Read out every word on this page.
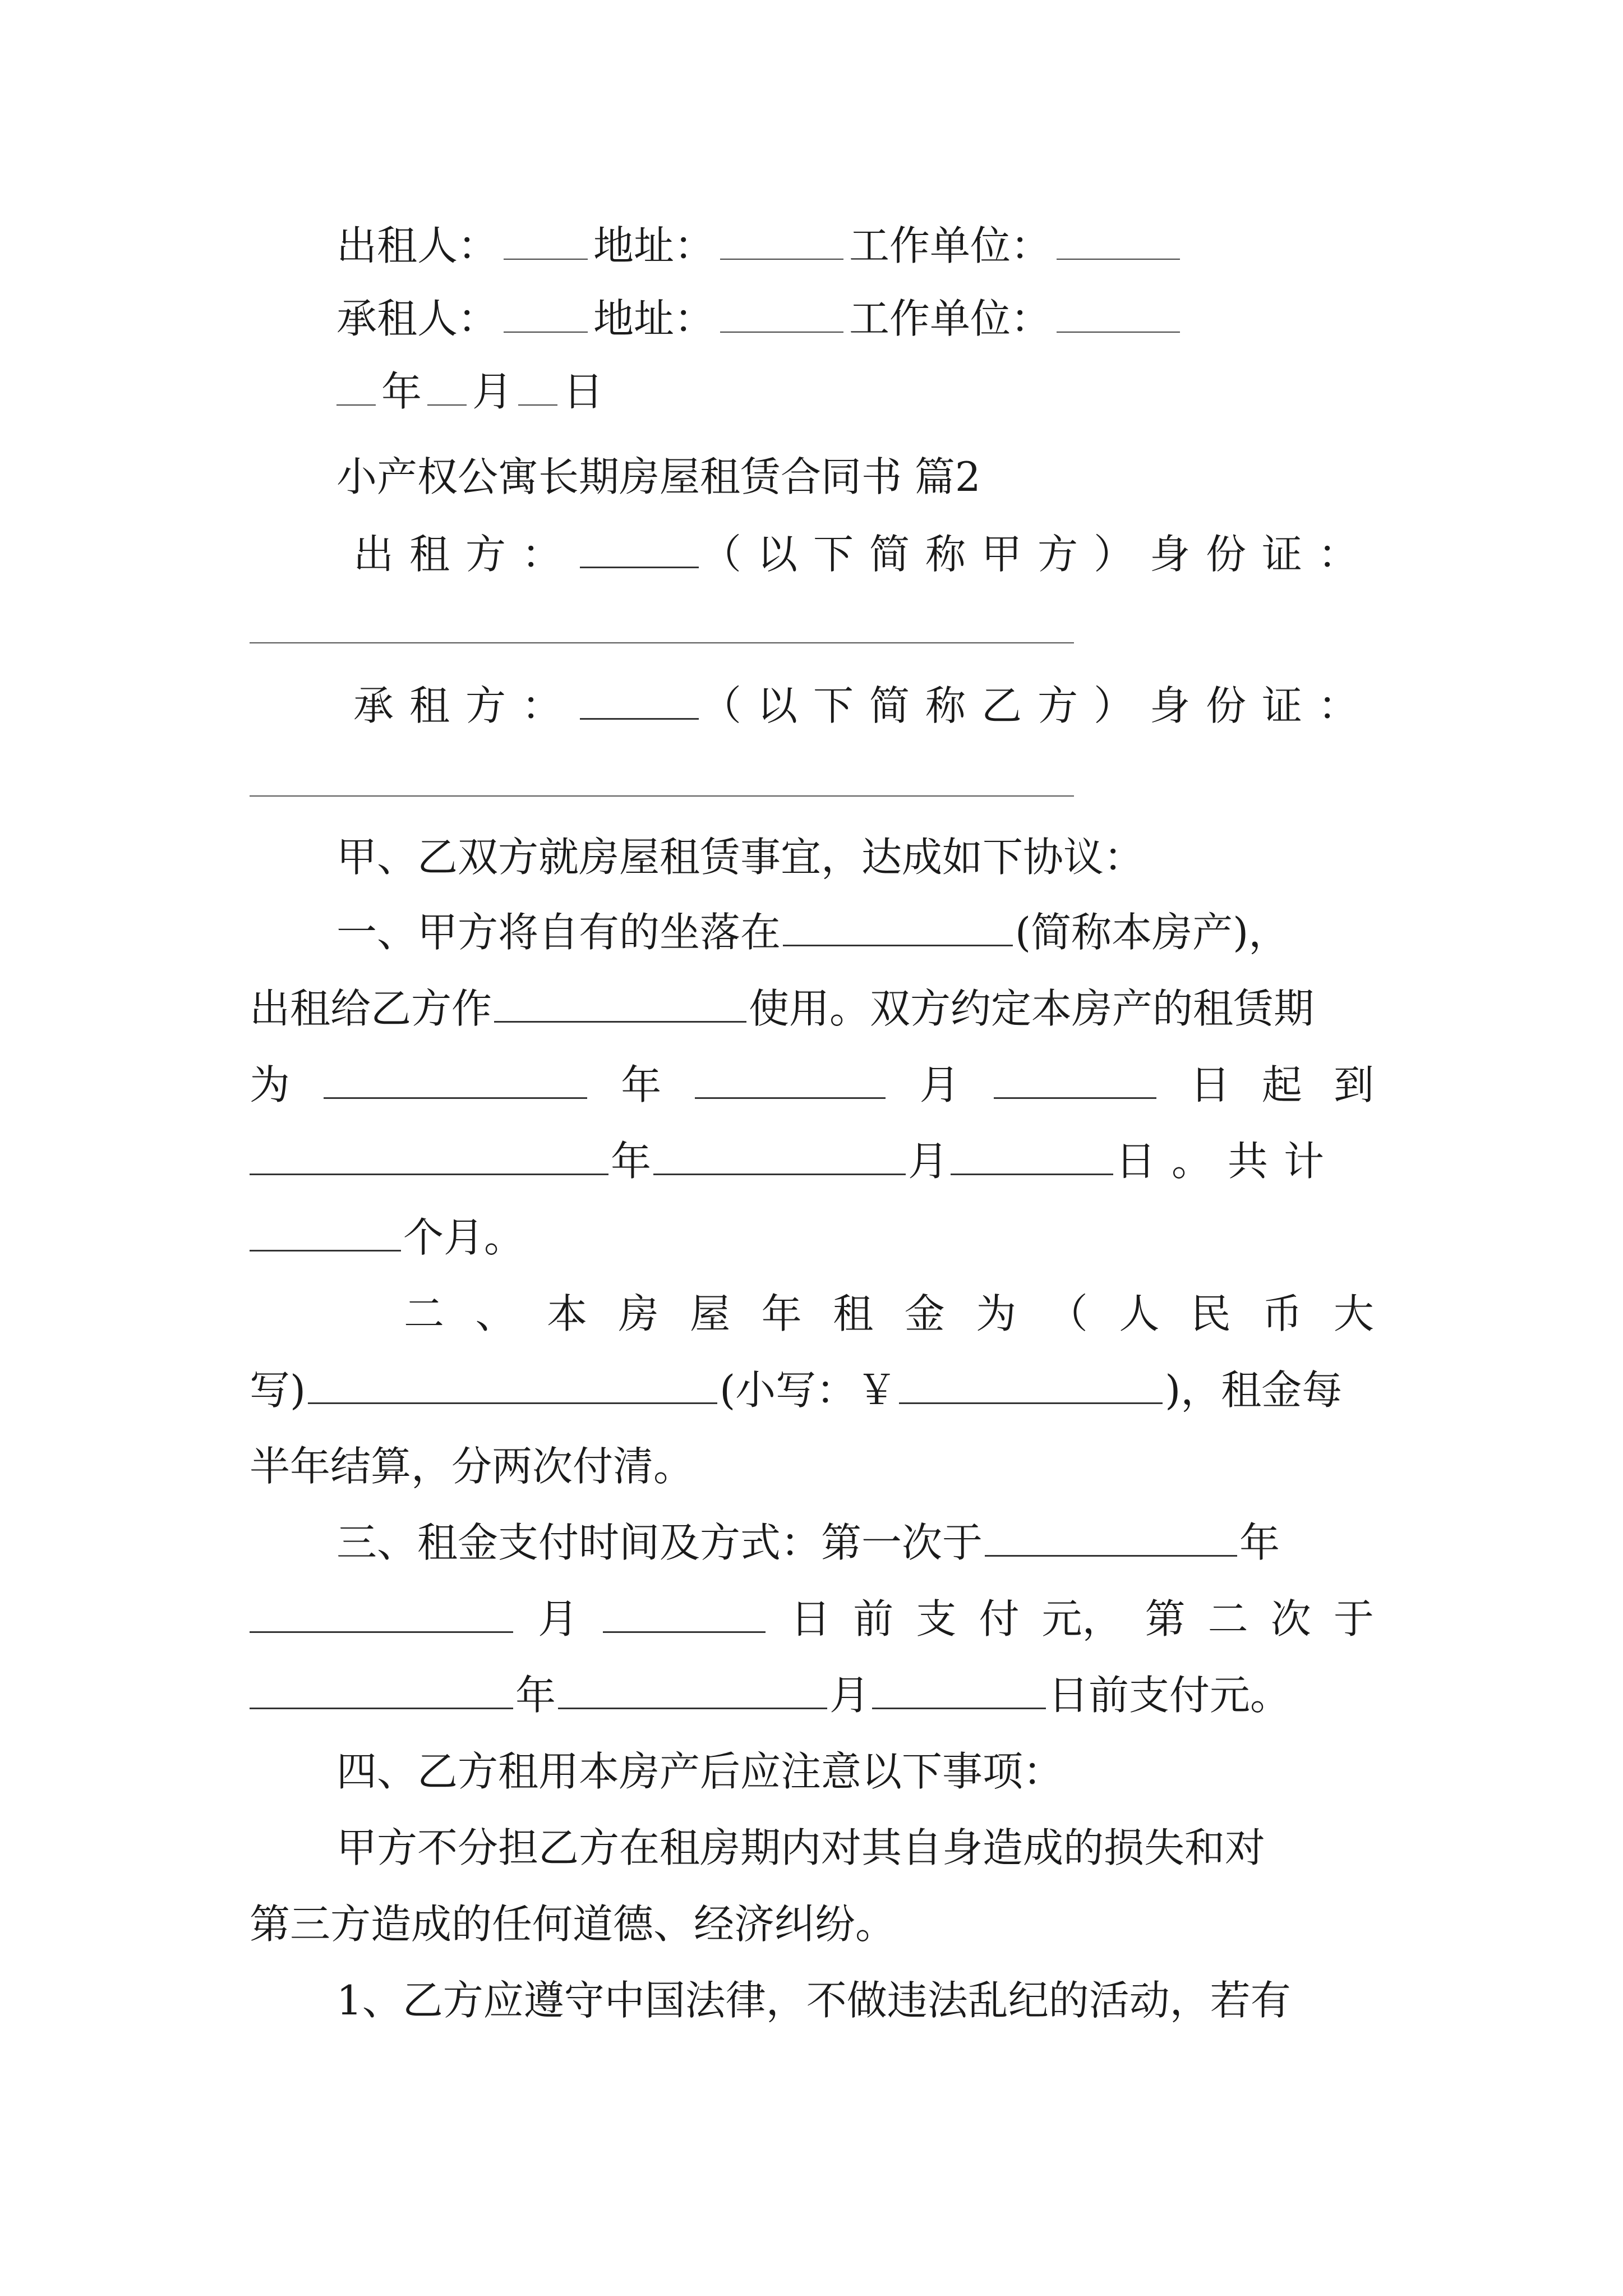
出租人： 地址：	工作单位：
承租人： 地址：	工作单位：
年 月 日
小产权公寓长期房屋租赁合同书 篇2
出租方：	（以下简称甲方）身份证：
承租方：	（以下简称乙方）身份证：
甲、乙双方就房屋租赁事宜，达成如下协议：
一、甲方将自有的坐落在	(简称本房产)，
出租给乙方作	使用。双方约定本房产的租赁期
为	年	月	日 起 到
年	月	日。共计
个月。
二 、 本 房 屋 年 租 金 为 （ 人 民 币 大
写)	(小写：￥	)，租金每
半年结算，分两次付清。
三、租金支付时间及方式：第一次于	年
月	日 前 支 付 元， 第 二 次 于
年	月	日前支付元。
四、乙方租用本房产后应注意以下事项：
甲方不分担乙方在租房期内对其自身造成的损失和对
第三方造成的任何道德、经济纠纷。
1、乙方应遵守中国法律，不做违法乱纪的活动，若有
